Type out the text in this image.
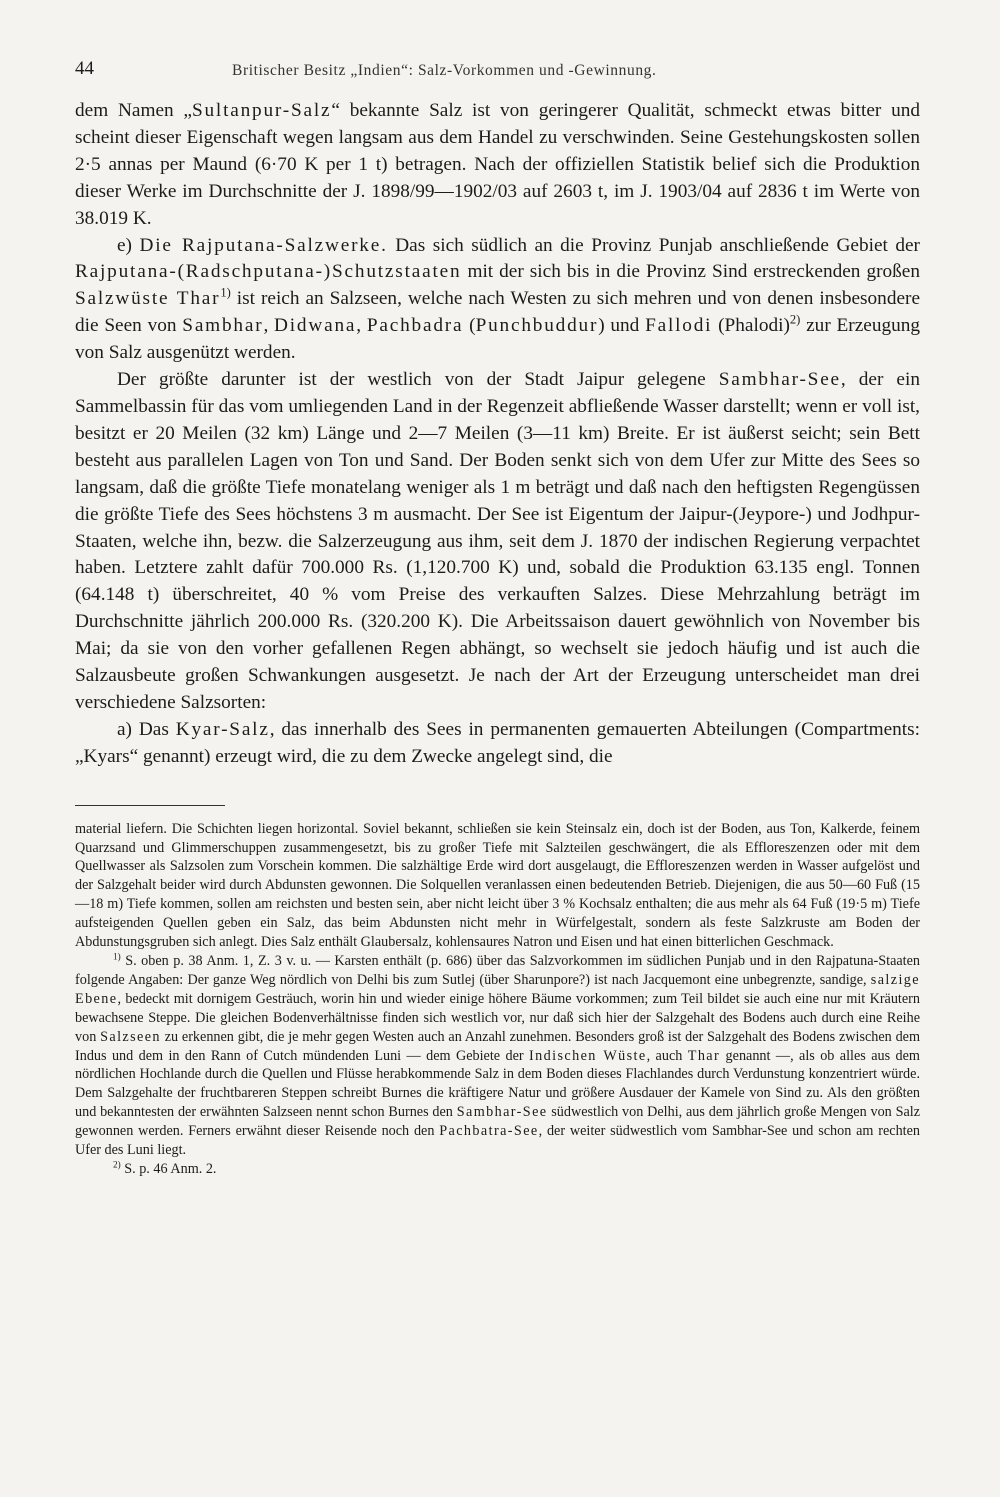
44	Britischer Besitz „Indien“: Salz-Vorkommen und -Gewinnung.

dem Namen „Sultanpur-Salz“ bekannte Salz ist von geringerer Qualität, schmeckt etwas bitter und scheint dieser Eigenschaft wegen langsam aus dem Handel zu verschwinden. Seine Gestehungskosten sollen 2·5 annas per Maund (6·70 K per 1 t) betragen. Nach der offiziellen Statistik belief sich die Produktion dieser Werke im Durchschnitte der J. 1898/99—1902/03 auf 2603 t, im J. 1903/04 auf 2836 t im Werte von 38.019 K.

e) Die Rajputana-Salzwerke. Das sich südlich an die Provinz Punjab anschließende Gebiet der Rajputana-(Radschputana-)Schutzstaaten mit der sich bis in die Provinz Sind erstreckenden großen Salzwüste Thar$^{1)}$ ist reich an Salzseen, welche nach Westen zu sich mehren und von denen insbesondere die Seen von Sambhar, Didwana, Pachbadra (Punchbuddur) und Fallodi (Phalodi)$^{2)}$ zur Erzeugung von Salz ausgenützt werden.

Der größte darunter ist der westlich von der Stadt Jaipur gelegene Sambhar-See, der ein Sammelbassin für das vom umliegenden Land in der Regenzeit abfließende Wasser darstellt; wenn er voll ist, besitzt er 20 Meilen (32 km) Länge und 2—7 Meilen (3—11 km) Breite. Er ist äußerst seicht; sein Bett besteht aus parallelen Lagen von Ton und Sand. Der Boden senkt sich von dem Ufer zur Mitte des Sees so langsam, daß die größte Tiefe monatelang weniger als 1 m beträgt und daß nach den heftigsten Regengüssen die größte Tiefe des Sees höchstens 3 m ausmacht. Der See ist Eigentum der Jaipur-(Jeypore-) und Jodhpur-Staaten, welche ihn, bezw. die Salzerzeugung aus ihm, seit dem J. 1870 der indischen Regierung verpachtet haben. Letztere zahlt dafür 700.000 Rs. (1,120.700 K) und, sobald die Produktion 63.135 engl. Tonnen (64.148 t) überschreitet, 40 % vom Preise des verkauften Salzes. Diese Mehrzahlung beträgt im Durchschnitte jährlich 200.000 Rs. (320.200 K). Die Arbeitssaison dauert gewöhnlich von November bis Mai; da sie von den vorher gefallenen Regen abhängt, so wechselt sie jedoch häufig und ist auch die Salzausbeute großen Schwankungen ausgesetzt. Je nach der Art der Erzeugung unterscheidet man drei verschiedene Salzsorten:

a) Das Kyar-Salz, das innerhalb des Sees in permanenten gemauerten Abteilungen (Compartments: „Kyars“ genannt) erzeugt wird, die zu dem Zwecke angelegt sind, die

material liefern. Die Schichten liegen horizontal. Soviel bekannt, schließen sie kein Steinsalz ein, doch ist der Boden, aus Ton, Kalkerde, feinem Quarzsand und Glimmerschuppen zusammengesetzt, bis zu großer Tiefe mit Salzteilen geschwängert, die als Effloreszenzen oder mit dem Quellwasser als Salzsolen zum Vorschein kommen. Die salzhältige Erde wird dort ausgelaugt, die Effloreszenzen werden in Wasser aufgelöst und der Salzgehalt beider wird durch Abdunsten gewonnen. Die Solquellen veranlassen einen bedeutenden Betrieb. Diejenigen, die aus 50—60 Fuß (15—18 m) Tiefe kommen, sollen am reichsten und besten sein, aber nicht leicht über 3 % Kochsalz enthalten; die aus mehr als 64 Fuß (19·5 m) Tiefe aufsteigenden Quellen geben ein Salz, das beim Abdunsten nicht mehr in Würfelgestalt, sondern als feste Salzkruste am Boden der Abdunstungsgruben sich anlegt. Dies Salz enthält Glaubersalz, kohlensaures Natron und Eisen und hat einen bitterlichen Geschmack.

$^{1)}$ S. oben p. 38 Anm. 1, Z. 3 v. u. — Karsten enthält (p. 686) über das Salzvorkommen im südlichen Punjab und in den Rajpatuna-Staaten folgende Angaben: Der ganze Weg nördlich von Delhi bis zum Sutlej (über Sharunpore?) ist nach Jacquemont eine unbegrenzte, sandige, salzige Ebene, bedeckt mit dornigem Gesträuch, worin hin und wieder einige höhere Bäume vorkommen; zum Teil bildet sie auch eine nur mit Kräutern bewachsene Steppe. Die gleichen Bodenverhältnisse finden sich westlich vor, nur daß sich hier der Salzgehalt des Bodens auch durch eine Reihe von Salzseen zu erkennen gibt, die je mehr gegen Westen auch an Anzahl zunehmen. Besonders groß ist der Salzgehalt des Bodens zwischen dem Indus und dem in den Rann of Cutch mündenden Luni — dem Gebiete der Indischen Wüste, auch Thar genannt —, als ob alles aus dem nördlichen Hochlande durch die Quellen und Flüsse herabkommende Salz in dem Boden dieses Flachlandes durch Verdunstung konzentriert würde. Dem Salzgehalte der fruchtbareren Steppen schreibt Burnes die kräftigere Natur und größere Ausdauer der Kamele von Sind zu. Als den größten und bekanntesten der erwähnten Salzseen nennt schon Burnes den Sambhar-See südwestlich von Delhi, aus dem jährlich große Mengen von Salz gewonnen werden. Ferners erwähnt dieser Reisende noch den Pachbatra-See, der weiter südwestlich vom Sambhar-See und schon am rechten Ufer des Luni liegt.

$^{2)}$ S. p. 46 Anm. 2.
